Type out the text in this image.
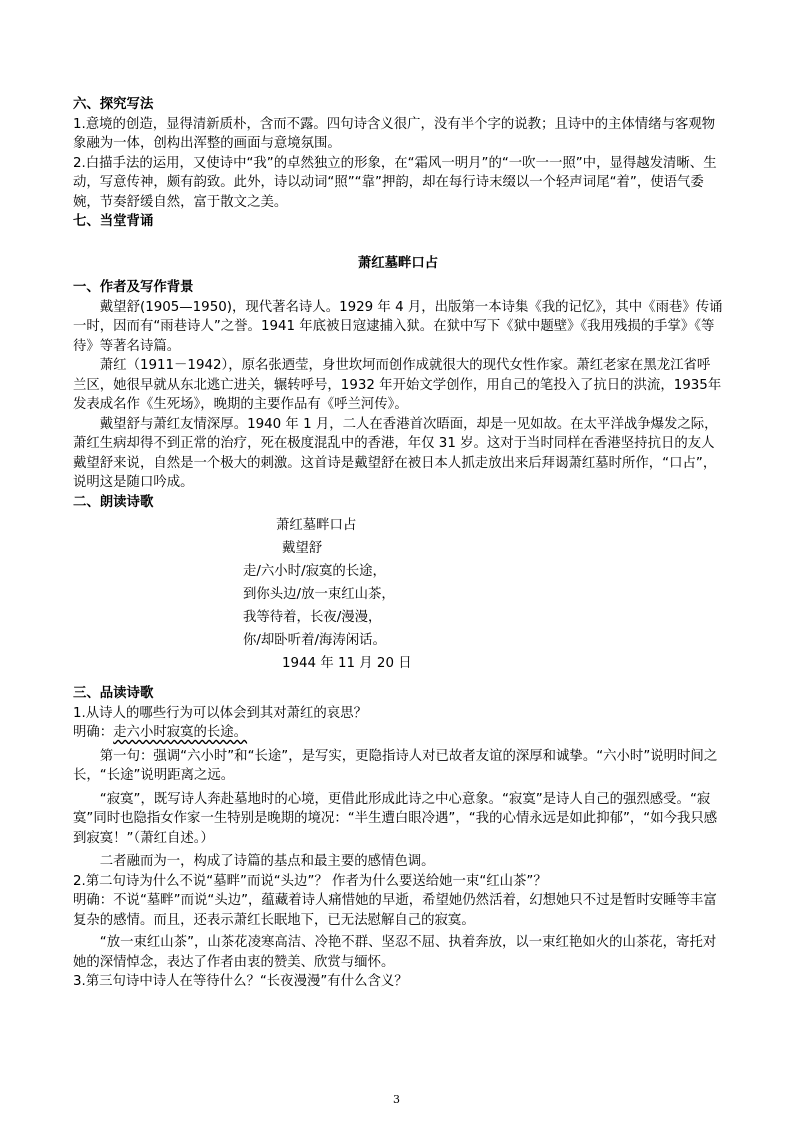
六、探究写法

1.意境的创造，显得清新质朴，含而不露。四句诗含义很广，没有半个字的说教；且诗中的主体情绪与客观物象融为一体，创构出浑整的画面与意境氛围。

2.白描手法的运用，又使诗中“我”的卓然独立的形象，在“霜风一明月”的“一吹一一照”中，显得越发清晰、生动，写意传神，颇有韵致。此外，诗以动词“照”“靠”押韵，却在每行诗末缀以一个轻声词尾“着”，使语气委婉，节奏舒缓自然，富于散文之美。

七、当堂背诵

萧红墓畔口占

一、作者及写作背景

戴望舒(1905—1950)，现代著名诗人。1929 年 4 月，出版第一本诗集《我的记忆》，其中《雨巷》传诵一时，因而有“雨巷诗人”之誉。1941 年底被日寇逮捕入狱。在狱中写下《狱中题壁》《我用残损的手掌》《等待》等著名诗篇。

萧红（1911－1942），原名张迺莹，身世坎坷而创作成就很大的现代女性作家。萧红老家在黑龙江省呼兰区，她很早就从东北逃亡进关，辗转呼号，1932 年开始文学创作，用自己的笔投入了抗日的洪流，1935年发表成名作《生死场》，晚期的主要作品有《呼兰河传》。

戴望舒与萧红友情深厚。1940 年 1 月，二人在香港首次晤面，却是一见如故。在太平洋战争爆发之际，萧红生病却得不到正常的治疗，死在极度混乱中的香港，年仅 31 岁。这对于当时同样在香港坚持抗日的友人戴望舒来说，自然是一个极大的刺激。这首诗是戴望舒在被日本人抓走放出来后拜谒萧红墓时所作，“口占”，说明这是随口吟成。

二、朗读诗歌

萧红墓畔口占
戴望舒
走/六小时/寂寞的长途，
到你头边/放一束红山茶，
我等待着，长夜/漫漫，
你/却卧听着/海涛闲话。
1944 年 11 月 20 日

三、品读诗歌

1.从诗人的哪些行为可以体会到其对萧红的哀思？

明确：走六小时寂寞的长途。

第一句：强调“六小时”和“长途”，是写实，更隐指诗人对已故者友谊的深厚和诚挚。“六小时”说明时间之长，“长途”说明距离之远。

“寂寞”，既写诗人奔赴墓地时的心境，更借此形成此诗之中心意象。“寂寞”是诗人自己的强烈感受。“寂寞”同时也隐指女作家一生特别是晚期的境况：“半生遭白眼冷遇”，“我的心情永远是如此抑郁”，“如今我只感到寂寞！”（萧红自述。）

二者融而为一，构成了诗篇的基点和最主要的感情色调。

2.第二句诗为什么不说“墓畔”而说“头边”？ 作者为什么要送给她一束“红山茶”？

明确：不说“墓畔”而说“头边”，蕴藏着诗人痛惜她的早逝，希望她仍然活着，幻想她只不过是暂时安睡等丰富复杂的感情。而且，还表示萧红长眠地下，已无法慰解自己的寂寞。

“放一束红山茶”，山茶花凌寒高洁、冷艳不群、坚忍不屈、执着奔放，以一束红艳如火的山茶花，寄托对她的深情悼念，表达了作者由衷的赞美、欣赏与缅怀。

3.第三句诗中诗人在等待什么？“长夜漫漫”有什么含义？

3
